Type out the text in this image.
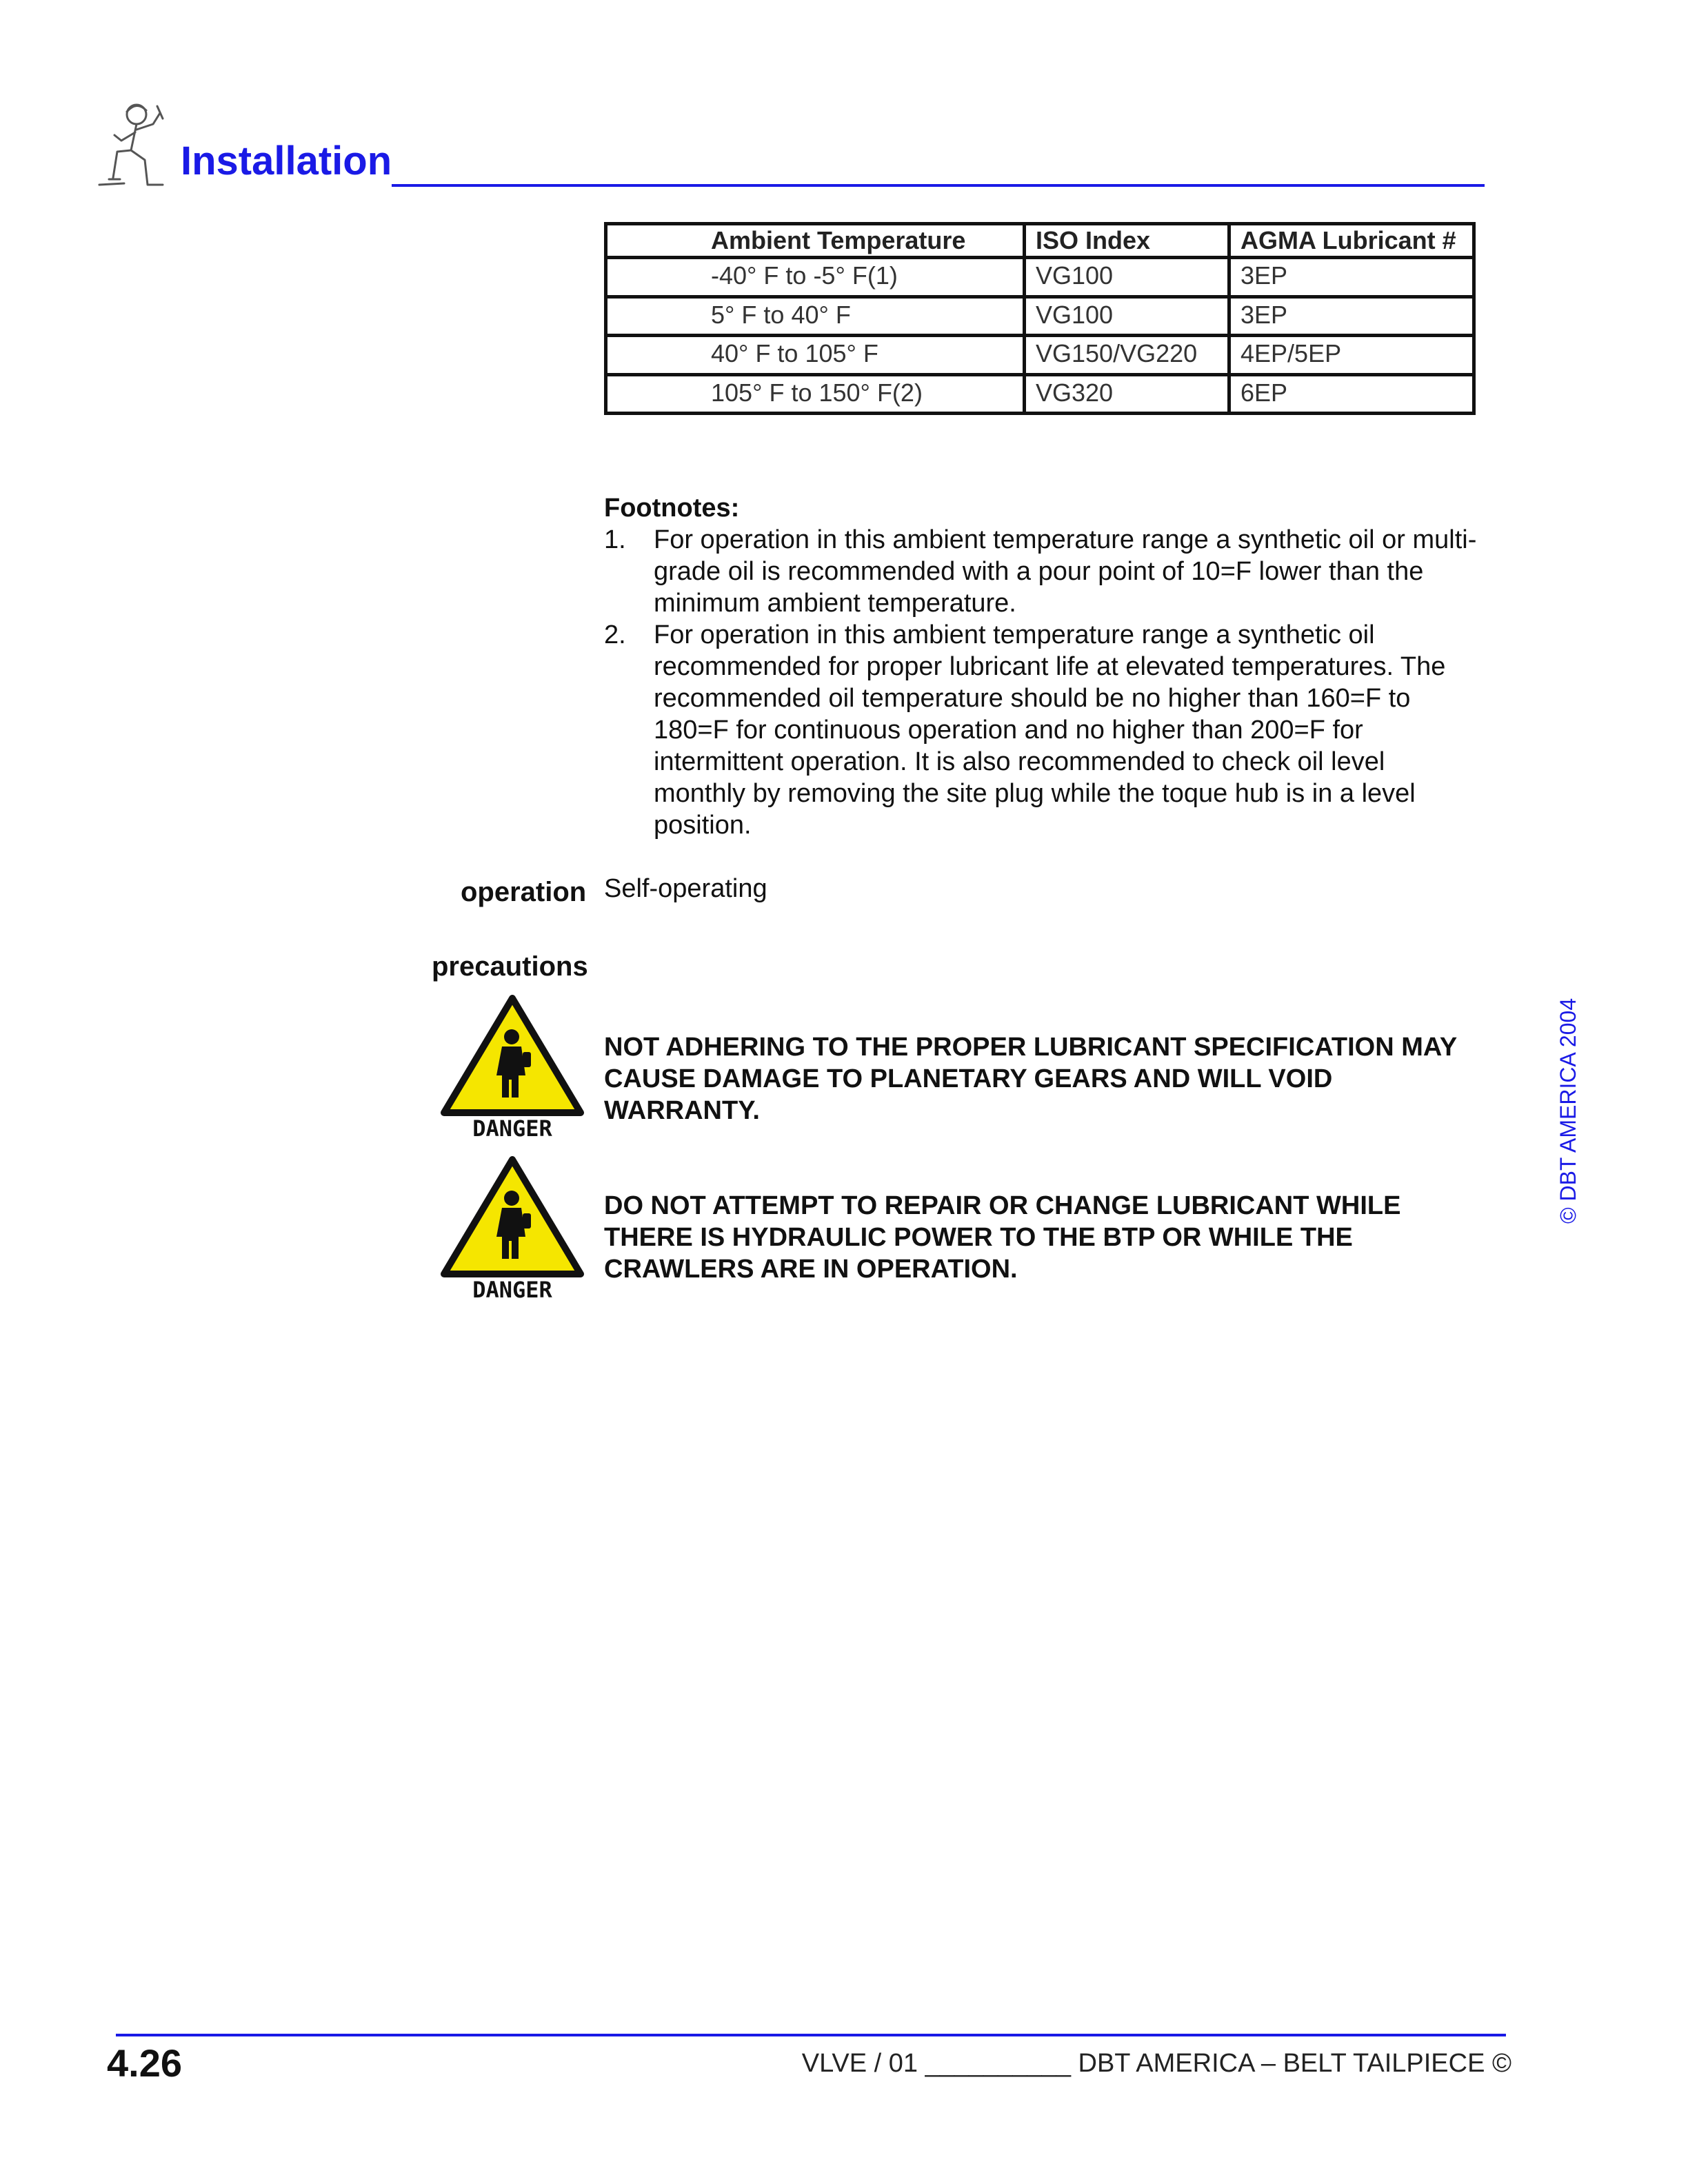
Installation
Ambient Temperature	ISO Index	AGMA Lubricant #
-40° F to -5° F(1)	VG100	3EP
5° F to 40° F	VG100	3EP
40° F to 105° F	VG150/VG220	4EP/5EP
105° F to 150° F(2)	VG320	6EP
Footnotes:
1. For operation in this ambient temperature range a synthetic oil or multi-grade oil is recommended with a pour point of 10=F lower than the minimum ambient temperature.
2. For operation in this ambient temperature range a synthetic oil recommended for proper lubricant life at elevated temperatures. The recommended oil temperature should be no higher than 160=F to 180=F for continuous operation and no higher than 200=F for intermittent operation. It is also recommended to check oil level monthly by removing the site plug while the toque hub is in a level position.
operation Self-operating
precautions
DANGER
NOT ADHERING TO THE PROPER LUBRICANT SPECIFICATION MAY CAUSE DAMAGE TO PLANETARY GEARS AND WILL VOID WARRANTY.
DANGER
DO NOT ATTEMPT TO REPAIR OR CHANGE LUBRICANT WHILE THERE IS HYDRAULIC POWER TO THE BTP OR WHILE THE CRAWLERS ARE IN OPERATION.
© DBT AMERICA 2004
4.26	VLVE / 01 __________ DBT AMERICA – BELT TAILPIECE ©
